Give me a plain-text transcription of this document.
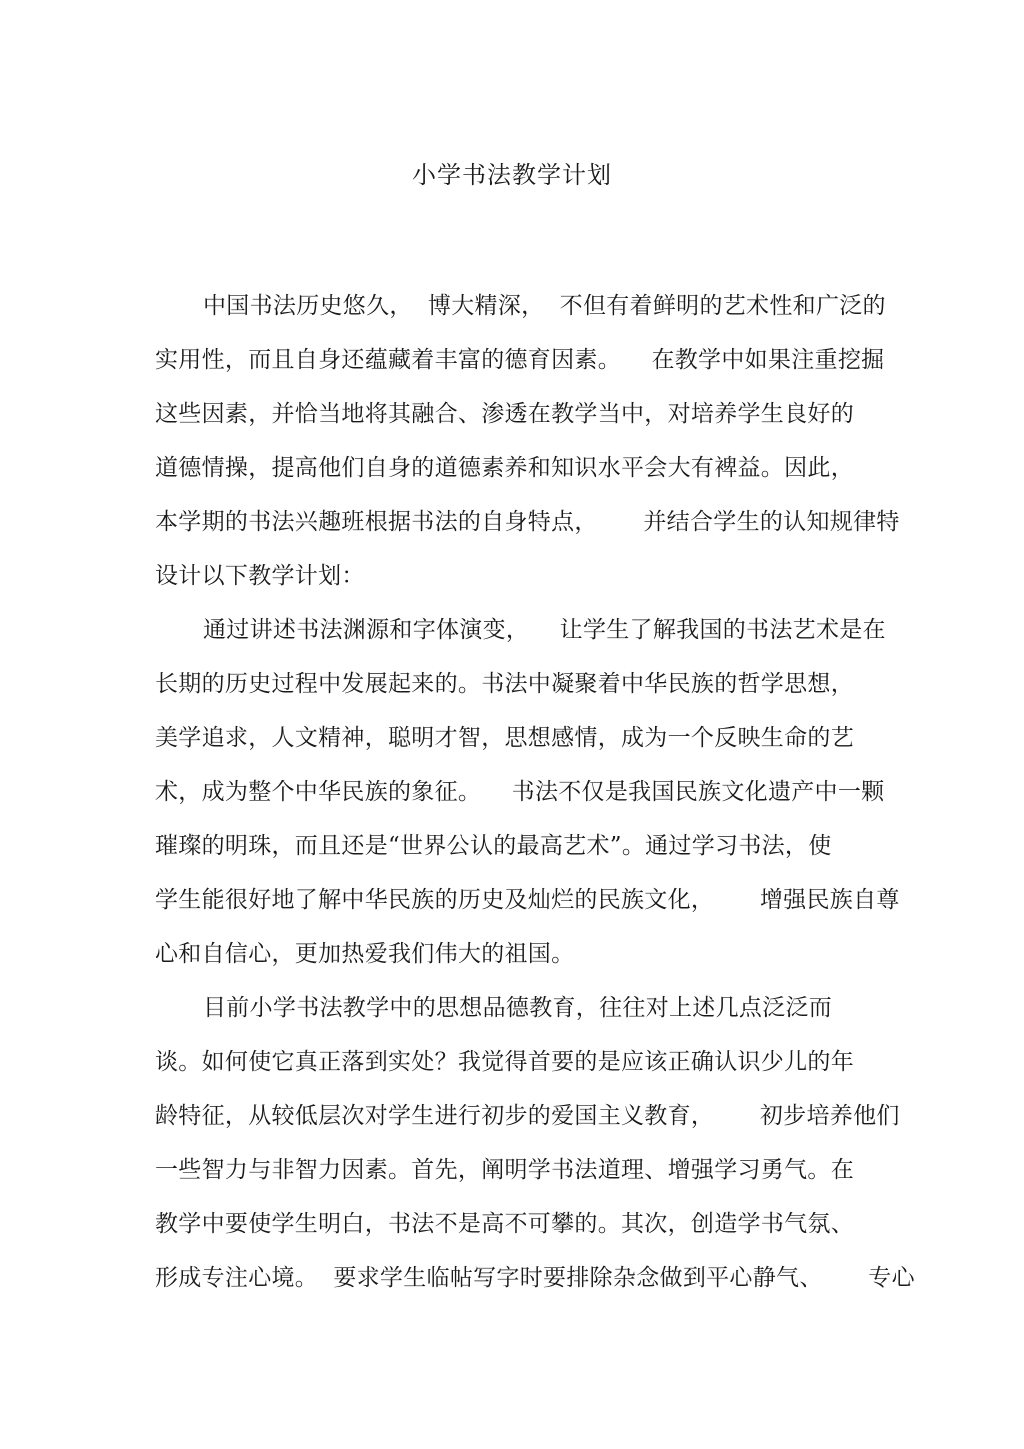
小学书法教学计划
中国书法历史悠久，  博大精深，  不但有着鲜明的艺术性和广泛的
实用性，而且自身还蕴藏着丰富的德育因素。    在教学中如果注重挖掘
这些因素，并恰当地将其融合、渗透在教学当中，对培养学生良好的
道德情操，提高他们自身的道德素养和知识水平会大有裨益。因此，
本学期的书法兴趣班根据书法的自身特点，      并结合学生的认知规律特
设计以下教学计划：
通过讲述书法渊源和字体演变，    让学生了解我国的书法艺术是在
长期的历史过程中发展起来的。书法中凝聚着中华民族的哲学思想，
美学追求，人文精神，聪明才智，思想感情，成为一个反映生命的艺
术，成为整个中华民族的象征。    书法不仅是我国民族文化遗产中一颗
璀璨的明珠，而且还是“世界公认的最高艺术”。通过学习书法，使
学生能很好地了解中华民族的历史及灿烂的民族文化，      增强民族自尊
心和自信心，更加热爱我们伟大的祖国。
目前小学书法教学中的思想品德教育，往往对上述几点泛泛而
谈。如何使它真正落到实处？我觉得首要的是应该正确认识少儿的年
龄特征，从较低层次对学生进行初步的爱国主义教育，      初步培养他们
一些智力与非智力因素。首先，阐明学书法道理、增强学习勇气。在
教学中要使学生明白，书法不是高不可攀的。其次，创造学书气氛、
形成专注心境。  要求学生临帖写字时要排除杂念做到平心静气、      专心
